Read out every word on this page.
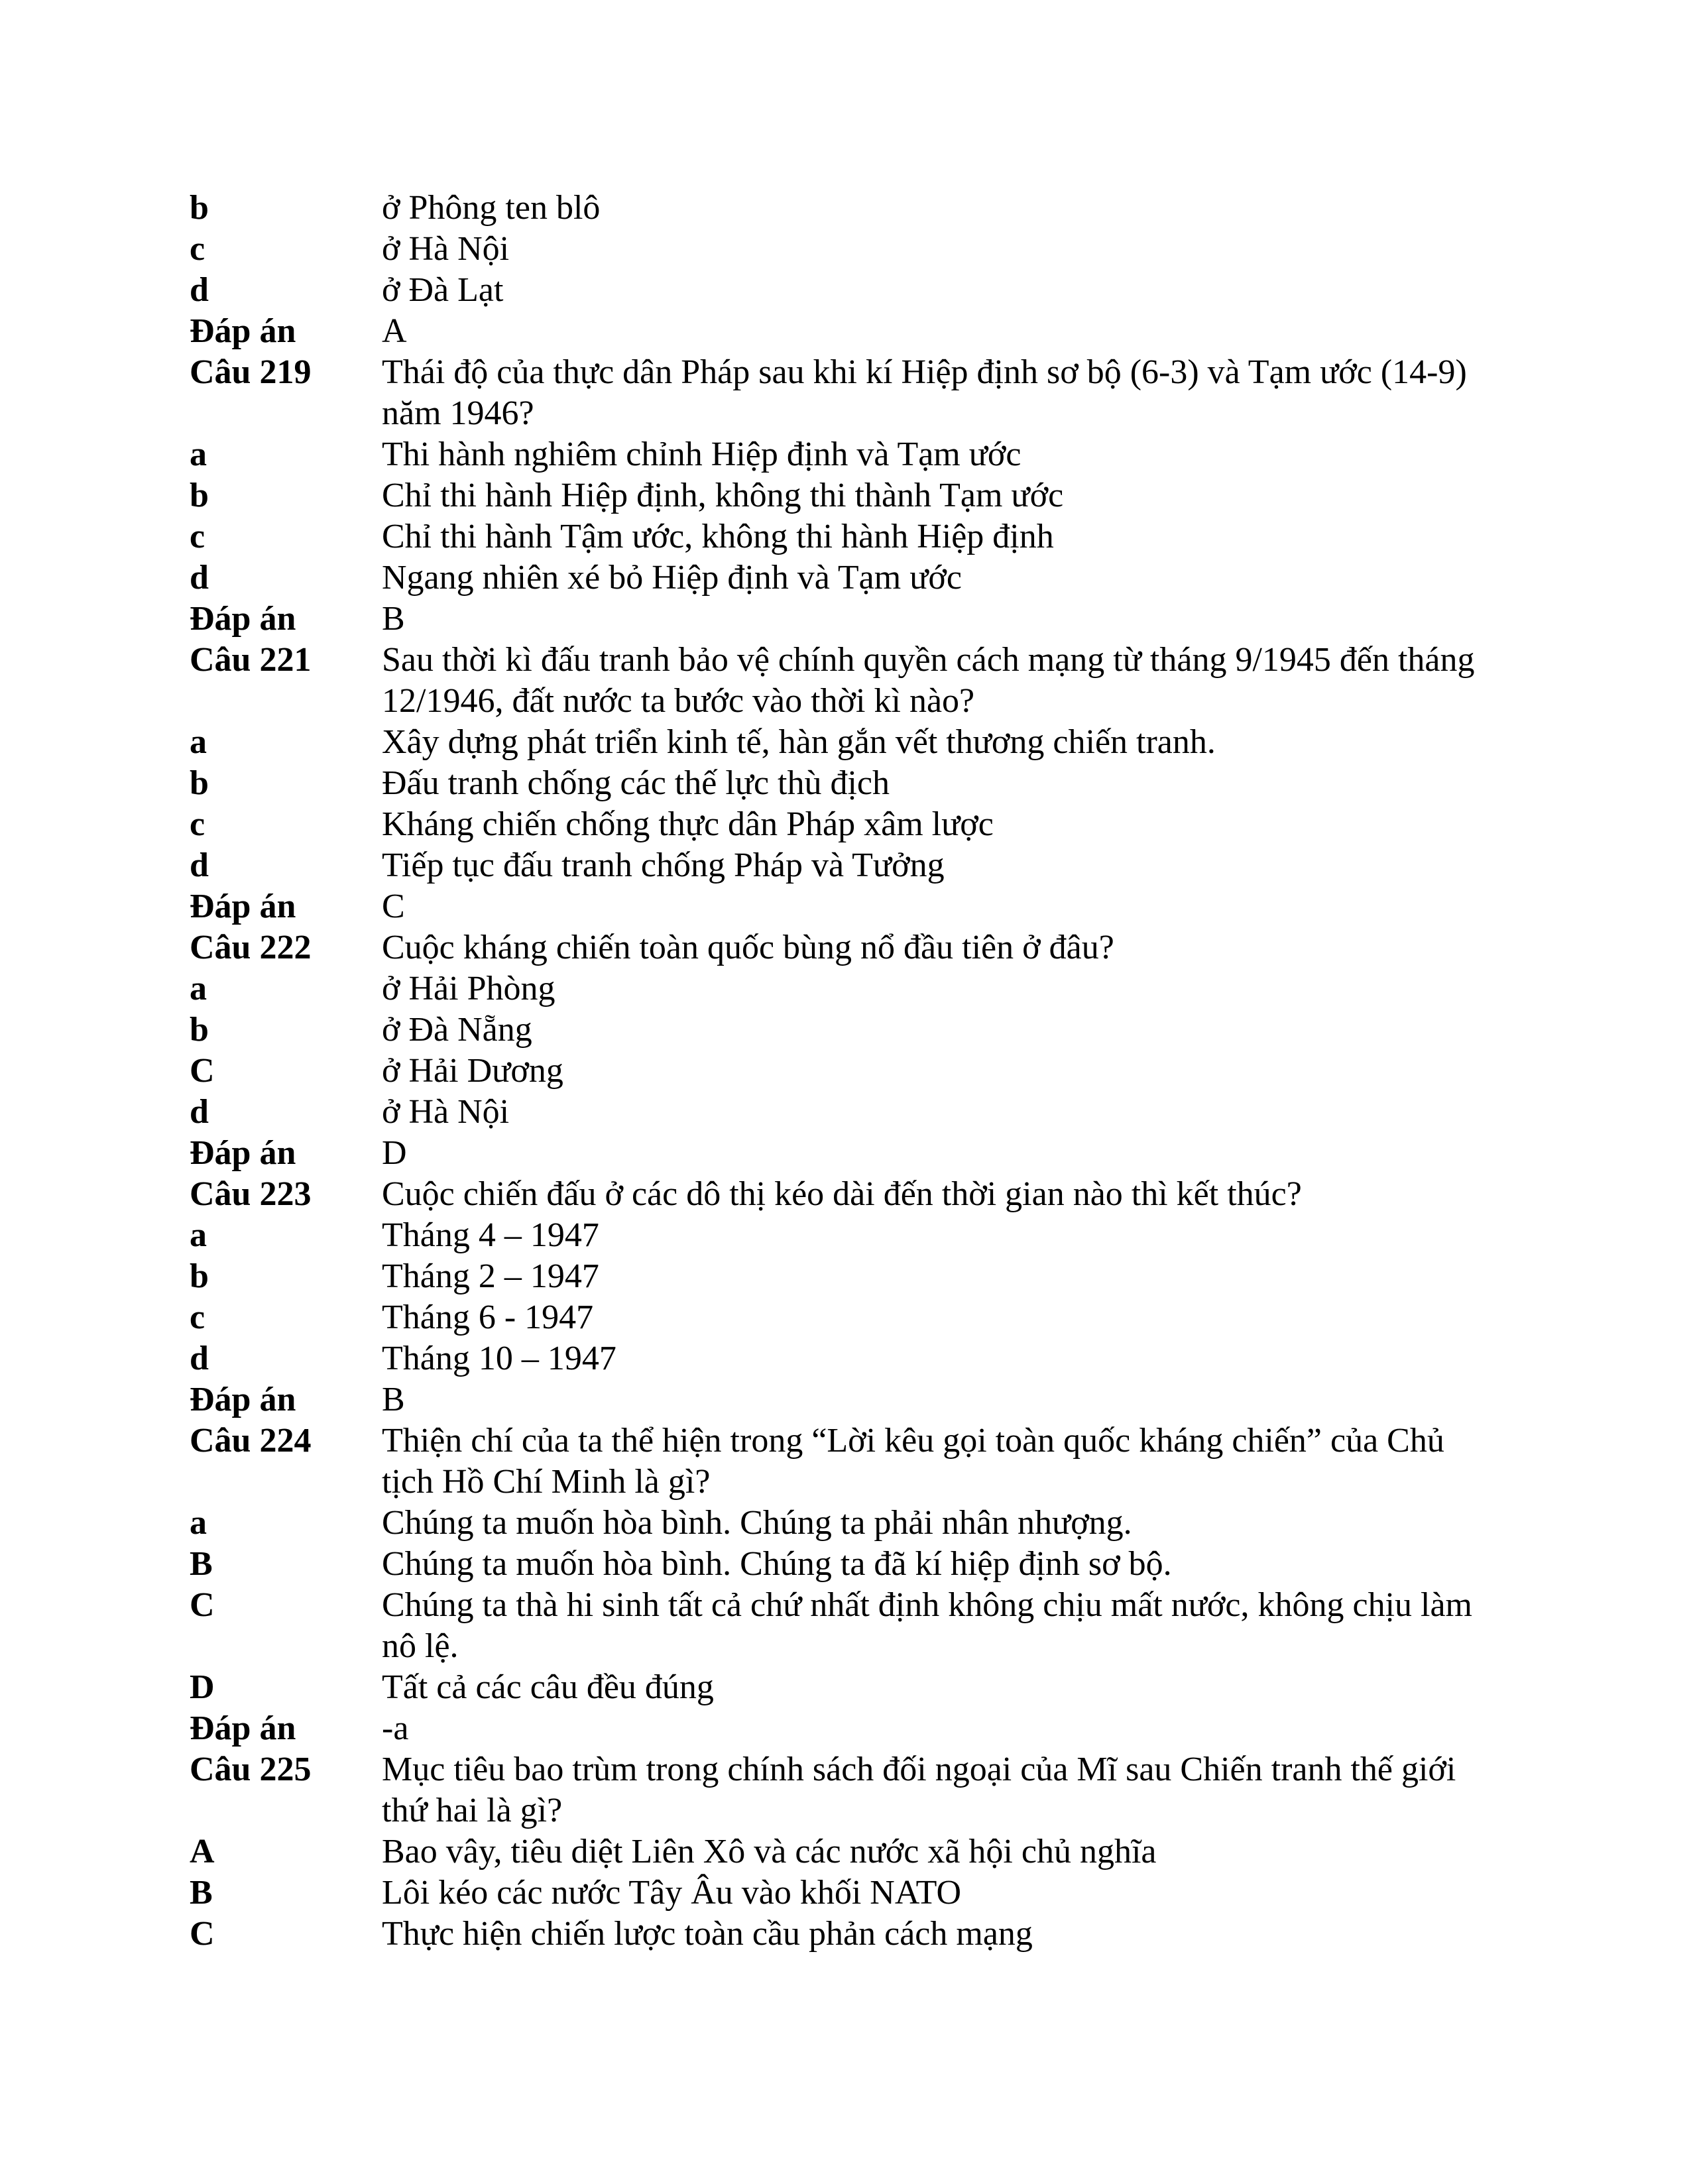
b	ở Phông ten blô
c	ở Hà Nội
d	ở Đà Lạt
Đáp án	A
Câu 219	Thái độ của thực dân Pháp sau khi kí Hiệp định sơ bộ (6-3) và Tạm ước (14-9) năm 1946?
a	Thi hành nghiêm chỉnh Hiệp định và Tạm ước
b	Chỉ thi hành Hiệp định, không thi thành Tạm ước
c	Chỉ thi hành Tậm ước, không thi hành Hiệp định
d	Ngang nhiên xé bỏ Hiệp định và Tạm ước
Đáp án	B
Câu 221	Sau thời kì đấu tranh bảo vệ chính quyền cách mạng từ tháng 9/1945 đến tháng 12/1946, đất nước ta bước vào thời kì nào?
a	Xây dựng phát triển kinh tế, hàn gắn vết thương chiến tranh.
b	Đấu tranh chống các thế lực thù địch
c	Kháng chiến chống thực dân Pháp xâm lược
d	Tiếp tục đấu tranh chống Pháp và Tưởng
Đáp án	C
Câu 222	Cuộc kháng chiến toàn quốc bùng nổ đầu tiên ở đâu?
a	ở Hải Phòng
b	ở Đà Nẵng
C	ở Hải Dương
d	ở Hà Nội
Đáp án	D
Câu 223	Cuộc chiến đấu ở các dô thị kéo dài đến thời gian nào thì kết thúc?
a	Tháng 4 – 1947
b	Tháng 2 – 1947
c	Tháng 6 - 1947
d	Tháng 10 – 1947
Đáp án	B
Câu 224	Thiện chí của ta thể hiện trong “Lời kêu gọi toàn quốc kháng chiến” của Chủ tịch Hồ Chí Minh là gì?
a	Chúng ta muốn hòa bình. Chúng ta phải nhân nhượng.
B	Chúng ta muốn hòa bình. Chúng ta đã kí hiệp định sơ bộ.
C	Chúng ta thà hi sinh tất cả chứ nhất định không chịu mất nước, không chịu làm nô lệ.
D	Tất cả các câu đều đúng
Đáp án	-a
Câu 225	Mục tiêu bao trùm trong chính sách đối ngoại của Mĩ sau Chiến tranh thế giới thứ hai là gì?
A	Bao vây, tiêu diệt Liên Xô và các nước xã hội chủ nghĩa
B	Lôi kéo các nước Tây Âu vào khối NATO
C	Thực hiện chiến lược toàn cầu phản cách mạng
